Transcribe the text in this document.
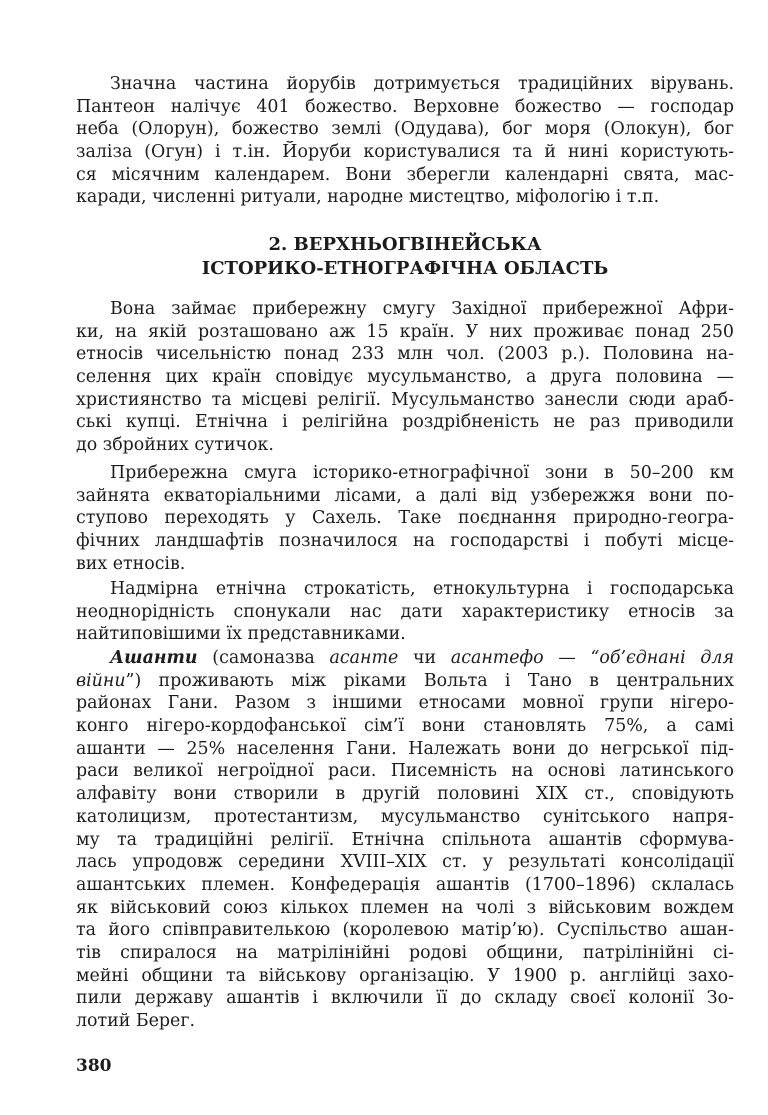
Значна частина йорубів дотримується традиційних вірувань.
Пантеон налічує 401 божество. Верховне божество — господар
неба (Олорун), божество землі (Одудава), бог моря (Олокун), бог
заліза (Огун) і т.ін. Йоруби користувалися та й нині користують-
ся місячним календарем. Вони зберегли календарні свята, мас-
каради, численні ритуали, народне мистецтво, міфологію і т.п.
2. ВЕРХНЬОГВІНЕЙСЬКА
ІСТОРИКО-ЕТНОГРАФІЧНА ОБЛАСТЬ
Вона займає прибережну смугу Західної прибережної Афри-
ки, на якій розташовано аж 15 країн. У них проживає понад 250
етносів чисельністю понад 233 млн чол. (2003 р.). Половина на-
селення цих країн сповідує мусульманство, а друга половина —
християнство та місцеві релігії. Мусульманство занесли сюди араб-
ські купці. Етнічна і релігійна роздрібненість не раз приводили
до збройних сутичок.
Прибережна смуга історико-етнографічної зони в 50–200 км
зайнята екваторіальними лісами, а далі від узбережжя вони по-
ступово переходять у Сахель. Таке поєднання природно-геогра-
фічних ландшафтів позначилося на господарстві і побуті місце-
вих етносів.
Надмірна етнічна строкатість, етнокультурна і господарська
неоднорідність спонукали нас дати характеристику етносів за
найтиповішими їх представниками.
Ашанти (самоназва асанте чи асантефо — “об’єднані для
війни”) проживають між ріками Вольта і Тано в центральних
районах Гани. Разом з іншими етносами мовної групи нігеро-
конго нігеро-кордофанської сім’ї вони становлять 75%, а самі
ашанти — 25% населення Гани. Належать вони до негрської під-
раси великої негроїдної раси. Писемність на основі латинського
алфавіту вони створили в другій половині XIX ст., сповідують
католицизм, протестантизм, мусульманство сунітського напря-
му та традиційні релігії. Етнічна спільнота ашантів сформува-
лась упродовж середини XVIII–XIX ст. у результаті консолідації
ашантських племен. Конфедерація ашантів (1700–1896) склалась
як військовий союз кількох племен на чолі з військовим вождем
та його співправителькою (королевою матір’ю). Суспільство ашан-
тів спиралося на матрілінійні родові общини, патрілінійні сі-
мейні общини та військову організацію. У 1900 р. англійці захо-
пили державу ашантів і включили її до складу своєї колонії Зо-
лотий Берег.
380
